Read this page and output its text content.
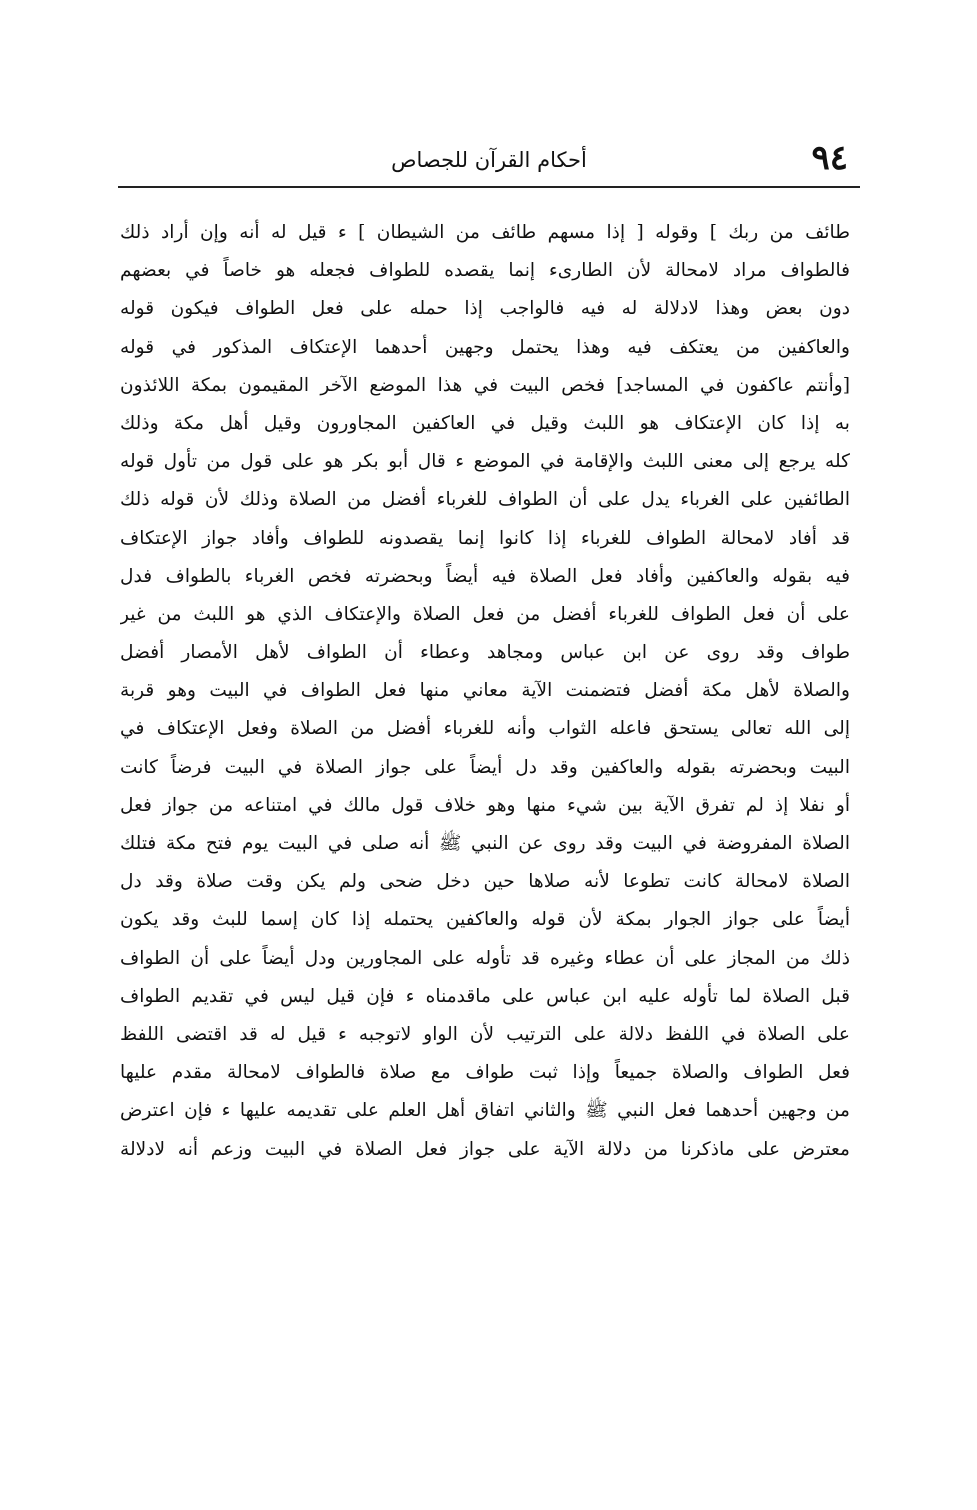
٩٤
أحكام القرآن للجصاص
طائف من ربك ] وقوله [ إذا مسهم طائف من الشيطان ] ء قيل له أنه وإن أراد ذلك
فالطواف مراد لامحالة لأن الطارىء إنما يقصده للطواف فجعله هو خاصاً في بعضهم
دون بعض وهذا لادلالة له فيه فالواجب إذا حمله على فعل الطواف فيكون قوله
والعاكفين من يعتكف فيه وهذا يحتمل وجهين أحدهما الإعتكاف المذكور في قوله
[وأنتم عاكفون في المساجد] فخص البيت في هذا الموضع الآخر المقيمون بمكة اللائذون
به إذا كان الإعتكاف هو اللبث وقيل في العاكفين المجاورون وقيل أهل مكة وذلك
كله يرجع إلى معنى اللبث والإقامة في الموضع ء قال أبو بكر هو على قول من تأول قوله
الطائفين على الغرباء يدل على أن الطواف للغرباء أفضل من الصلاة وذلك لأن قوله ذلك
قد أفاد لامحالة الطواف للغرباء إذا كانوا إنما يقصدونه للطواف وأفاد جواز الإعتكاف
فيه بقوله والعاكفين وأفاد فعل الصلاة فيه أيضاً وبحضرته فخص الغرباء بالطواف فدل
على أن فعل الطواف للغرباء أفضل من فعل الصلاة والإعتكاف الذي هو اللبث من غير
طواف وقد روى عن ابن عباس ومجاهد وعطاء أن الطواف لأهل الأمصار أفضل
والصلاة لأهل مكة أفضل فتضمنت الآية معاني منها فعل الطواف في البيت وهو قربة
إلى الله تعالى يستحق فاعله الثواب وأنه للغرباء أفضل من الصلاة وفعل الإعتكاف في
البيت وبحضرته بقوله والعاكفين وقد دل أيضاً على جواز الصلاة في البيت فرضاً كانت
أو نفلا إذ لم تفرق الآية بين شيء منها وهو خلاف قول مالك في امتناعه من جواز فعل
الصلاة المفروضة في البيت وقد روى عن النبي ﷺ أنه صلى في البيت يوم فتح مكة فتلك
الصلاة لامحالة كانت تطوعا لأنه صلاها حين دخل ضحى ولم يكن وقت صلاة وقد دل
أيضاً على جواز الجوار بمكة لأن قوله والعاكفين يحتمله إذا كان إسما للبث وقد يكون
ذلك من المجاز على أن عطاء وغيره قد تأوله على المجاورين ودل أيضاً على أن الطواف
قبل الصلاة لما تأوله عليه ابن عباس على ماقدمناه ء فإن قيل ليس في تقديم الطواف
على الصلاة في اللفظ دلالة على الترتيب لأن الواو لاتوجبه ء قيل له قد اقتضى اللفظ
فعل الطواف والصلاة جميعاً وإذا ثبت طواف مع صلاة فالطواف لامحالة مقدم عليها
من وجهين أحدهما فعل النبي ﷺ والثاني اتفاق أهل العلم على تقديمه عليها ء فإن اعترض
معترض على ماذكرنا من دلالة الآية على جواز فعل الصلاة في البيت وزعم أنه لادلالة
